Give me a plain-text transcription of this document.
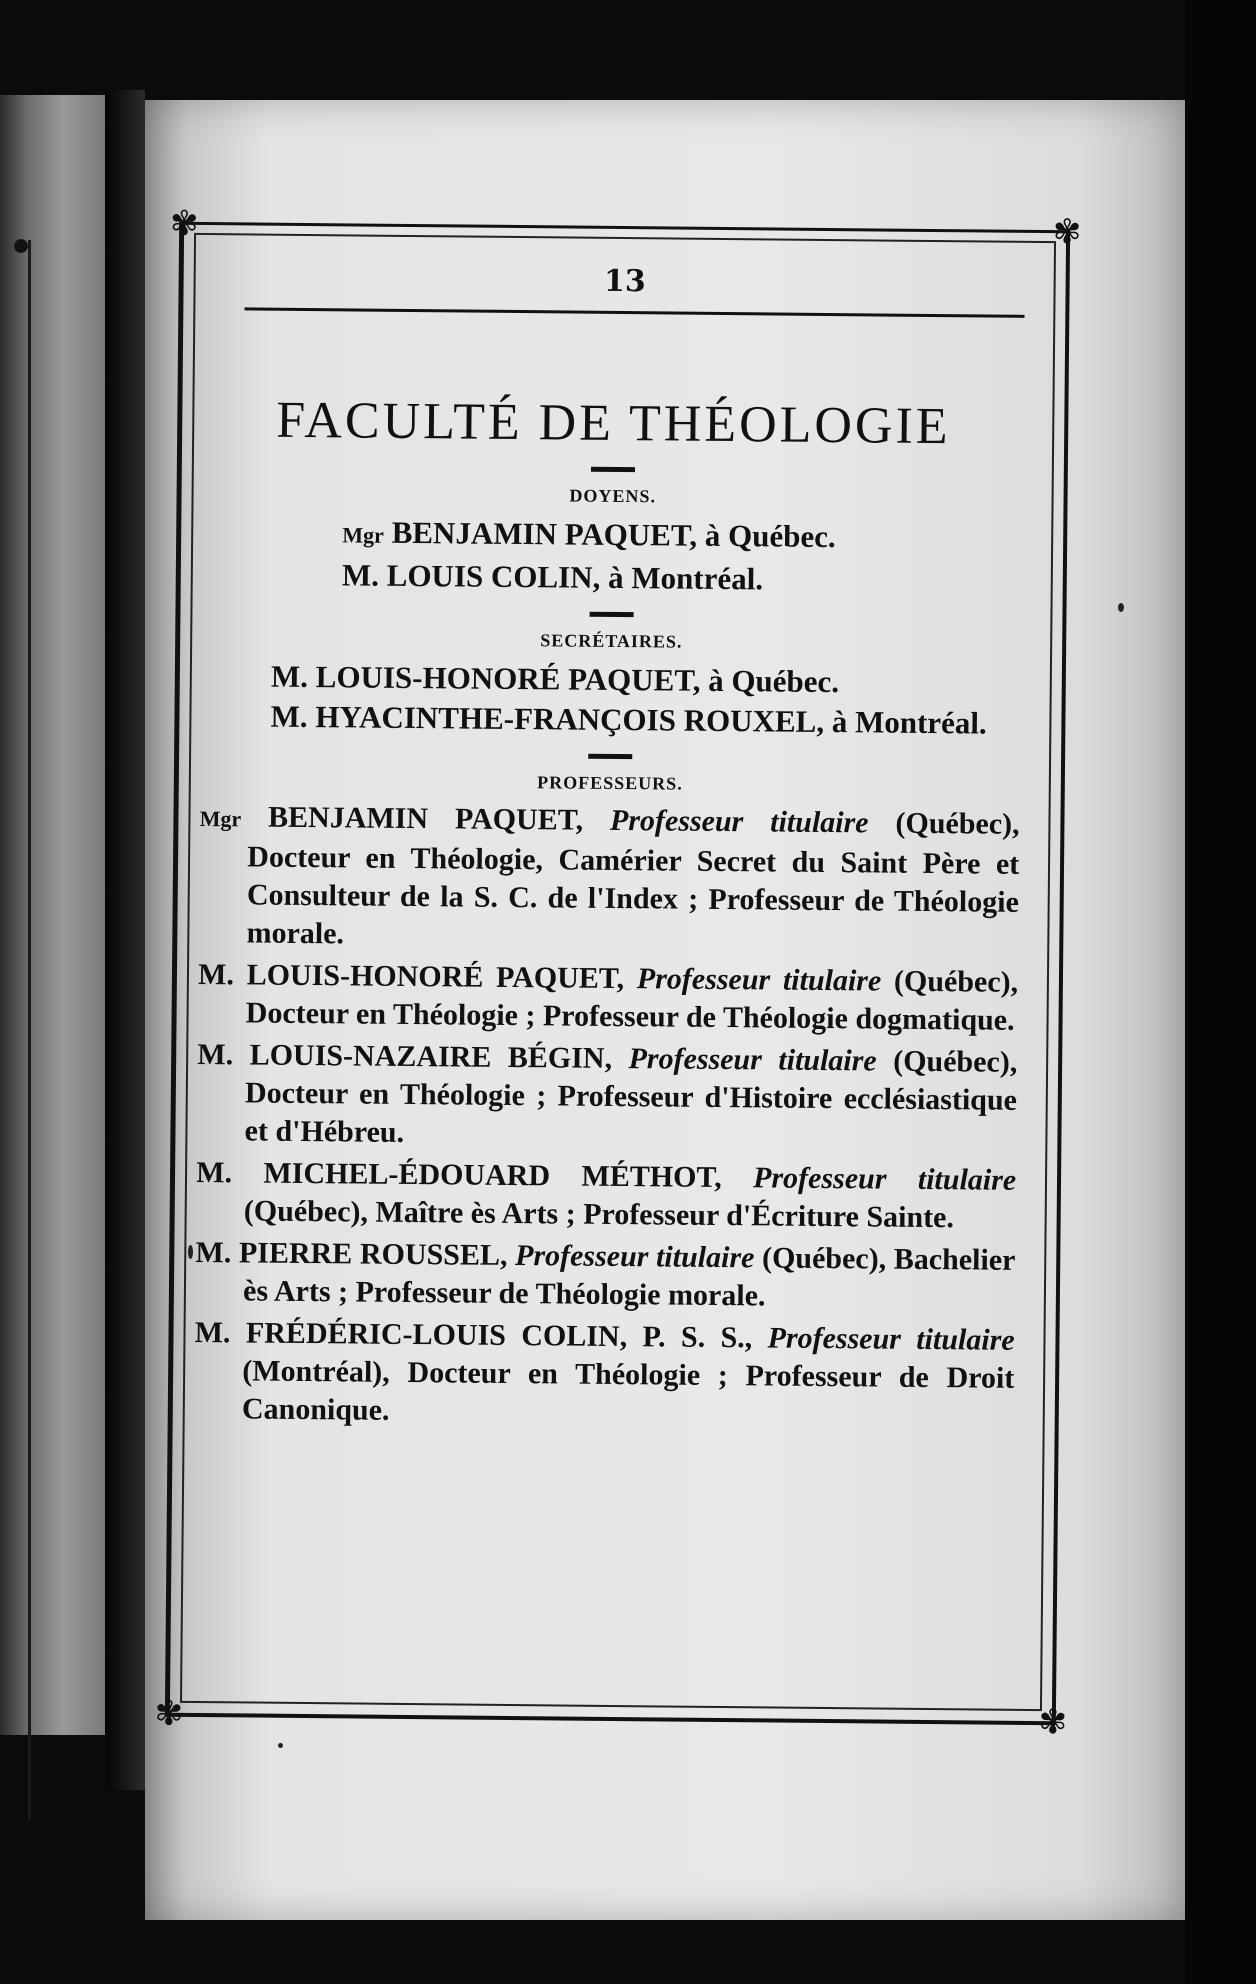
✾	✾
✾	✾
13
FACULTÉ DE THÉOLOGIE
DOYENS.
Mgr BENJAMIN PAQUET, à Québec.
M. LOUIS COLIN, à Montréal.
SECRÉTAIRES.
M. LOUIS-HONORÉ PAQUET, à Québec.
M. HYACINTHE-FRANÇOIS ROUXEL, à Montréal.
PROFESSEURS.

Mgr BENJAMIN PAQUET, Professeur titulaire (Québec), Docteur en Théologie, Camérier Secret du Saint Père et Consulteur de la S. C. de l'Index ; Professeur de Théologie morale.

M. LOUIS-HONORÉ PAQUET, Professeur titulaire (Québec), Docteur en Théologie ; Professeur de Théologie dogmatique.

M. LOUIS-NAZAIRE BÉGIN, Professeur titulaire (Québec), Docteur en Théologie ; Professeur d'Histoire ecclésiastique et d'Hébreu.

M. MICHEL-ÉDOUARD MÉTHOT, Professeur titulaire (Québec), Maître ès Arts ; Professeur d'Écriture Sainte.

M. PIERRE ROUSSEL, Professeur titulaire (Québec), Bachelier ès Arts ; Professeur de Théologie morale.

M. FRÉDÉRIC-LOUIS COLIN, P. S. S., Professeur titulaire (Montréal), Docteur en Théologie ; Professeur de Droit Canonique.
